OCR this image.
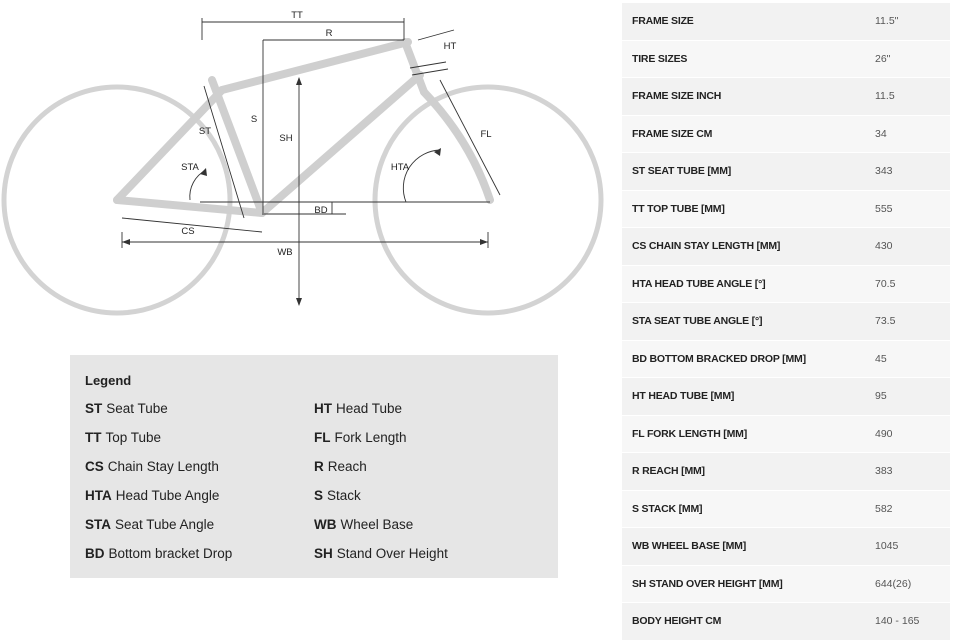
TT
R
HT
S
SH
ST
STA
FL
HTA
BD
CS
WB
Legend
ST Seat Tube
TT Top Tube
CS Chain Stay Length
HTA Head Tube Angle
STA Seat Tube Angle
BD Bottom bracket Drop
HT Head Tube
FL Fork Length
R Reach
S Stack
WB Wheel Base
SH Stand Over Height
FRAME SIZE	11.5"
TIRE SIZES	26"
FRAME SIZE INCH	11.5
FRAME SIZE CM	34
ST SEAT TUBE [MM]	343
TT TOP TUBE [MM]	555
CS CHAIN STAY LENGTH [MM]	430
HTA HEAD TUBE ANGLE [°]	70.5
STA SEAT TUBE ANGLE [°]	73.5
BD BOTTOM BRACKED DROP [MM]	45
HT HEAD TUBE [MM]	95
FL FORK LENGTH [MM]	490
R REACH [MM]	383
S STACK [MM]	582
WB WHEEL BASE [MM]	1045
SH STAND OVER HEIGHT [MM]	644(26)
BODY HEIGHT CM	140 - 165
